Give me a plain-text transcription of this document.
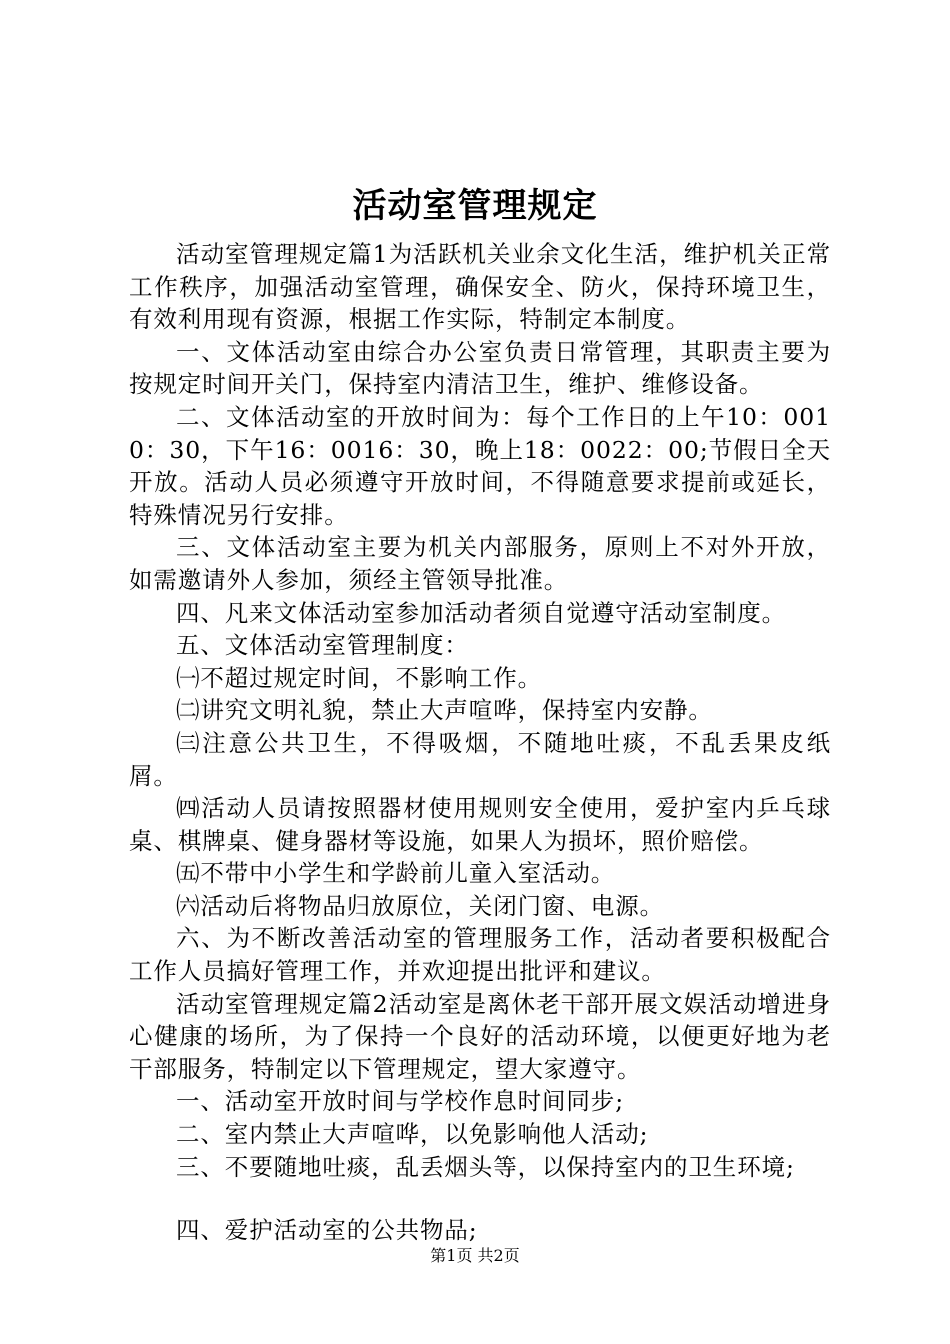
活动室管理规定

活动室管理规定篇1为活跃机关业余文化生活，维护机关正常工作秩序，加强活动室管理，确保安全、防火，保持环境卫生，有效利用现有资源，根据工作实际，特制定本制度。

一、文体活动室由综合办公室负责日常管理，其职责主要为按规定时间开关门，保持室内清洁卫生，维护、维修设备。

二、文体活动室的开放时间为：每个工作日的上午10：0010：30，下午16：0016：30，晚上18：0022：00;节假日全天开放。活动人员必须遵守开放时间，不得随意要求提前或延长，特殊情况另行安排。

三、文体活动室主要为机关内部服务，原则上不对外开放，如需邀请外人参加，须经主管领导批准。

四、凡来文体活动室参加活动者须自觉遵守活动室制度。

五、文体活动室管理制度：

㈠不超过规定时间，不影响工作。

㈡讲究文明礼貌，禁止大声喧哗，保持室内安静。

㈢注意公共卫生，不得吸烟，不随地吐痰，不乱丢果皮纸屑。

㈣活动人员请按照器材使用规则安全使用，爱护室内乒乓球桌、棋牌桌、健身器材等设施，如果人为损坏，照价赔偿。

㈤不带中小学生和学龄前儿童入室活动。

㈥活动后将物品归放原位，关闭门窗、电源。

六、为不断改善活动室的管理服务工作，活动者要积极配合工作人员搞好管理工作，并欢迎提出批评和建议。

活动室管理规定篇2活动室是离休老干部开展文娱活动增进身心健康的场所，为了保持一个良好的活动环境，以便更好地为老干部服务，特制定以下管理规定，望大家遵守。

一、活动室开放时间与学校作息时间同步;

二、室内禁止大声喧哗，以免影响他人活动;

三、不要随地吐痰，乱丢烟头等，以保持室内的卫生环境;

四、爱护活动室的公共物品;

第1页 共2页
